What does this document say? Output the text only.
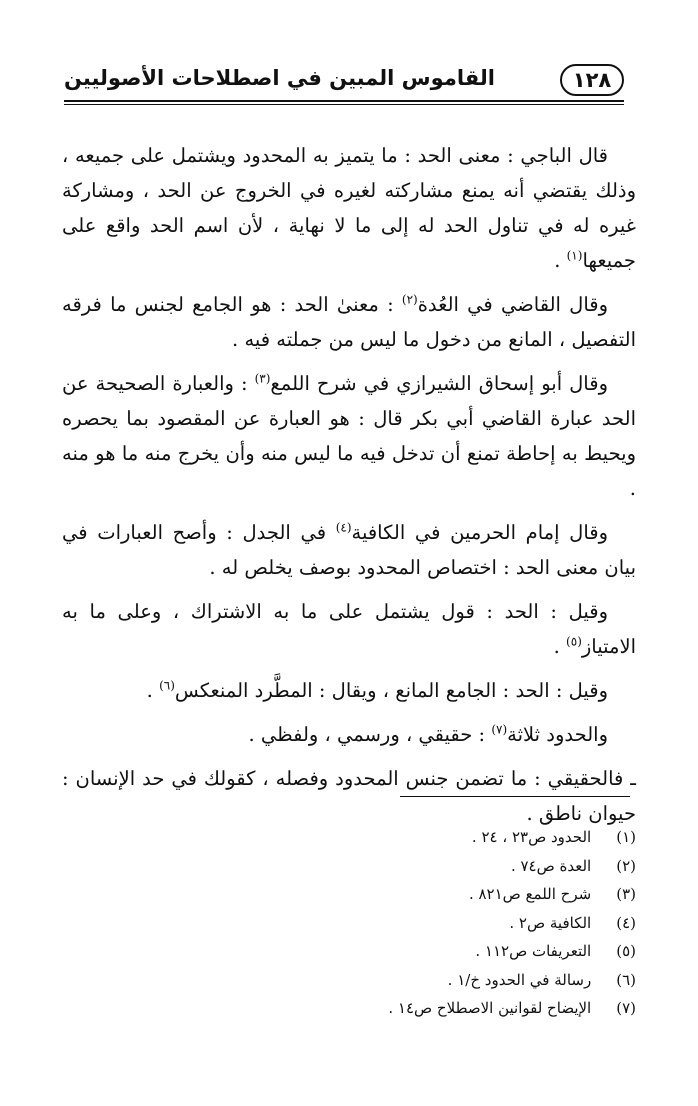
١٢٨
القاموس المبين في اصطلاحات الأصوليين

قال الباجي : معنى الحد : ما يتميز به المحدود ويشتمل على جميعه ، وذلك يقتضي أنه يمنع مشاركته لغيره في الخروج عن الحد ، ومشاركة غيره له في تناول الحد له إلى ما لا نهاية ، لأن اسم الحد واقع على جميعها$^{(١)}$ .

وقال القاضي في العُدة$^{(٢)}$ : معنىٰ الحد : هو الجامع لجنس ما فرقه التفصيل ، المانع من دخول ما ليس من جملته فيه .

وقال أبو إسحاق الشيرازي في شرح اللمع$^{(٣)}$ : والعبارة الصحيحة عن الحد عبارة القاضي أبي بكر قال : هو العبارة عن المقصود بما يحصره ويحيط به إحاطة تمنع أن تدخل فيه ما ليس منه وأن يخرج منه ما هو منه .

وقال إمام الحرمين في الكافية$^{(٤)}$ في الجدل : وأصح العبارات في بيان معنى الحد : اختصاص المحدود بوصف يخلص له .

وقيل : الحد : قول يشتمل على ما به الاشتراك ، وعلى ما به الامتياز$^{(٥)}$ .

وقيل : الحد : الجامع المانع ، ويقال : المطَّرد المنعكس$^{(٦)}$ .

والحدود ثلاثة$^{(٧)}$ : حقيقي ، ورسمي ، ولفظي .

ـ فالحقيقي : ما تضمن جنس المحدود وفصله ، كقولك في حد الإنسان : حيوان ناطق .

(١) الحدود ص٢٣ ، ٢٤ .
(٢) العدة ص٧٤ .
(٣) شرح اللمع ص٨٢١ .
(٤) الكافية ص٢ .
(٥) التعريفات ص١١٢ .
(٦) رسالة في الحدود خ/١ .
(٧) الإيضاح لقوانين الاصطلاح ص١٤ .
